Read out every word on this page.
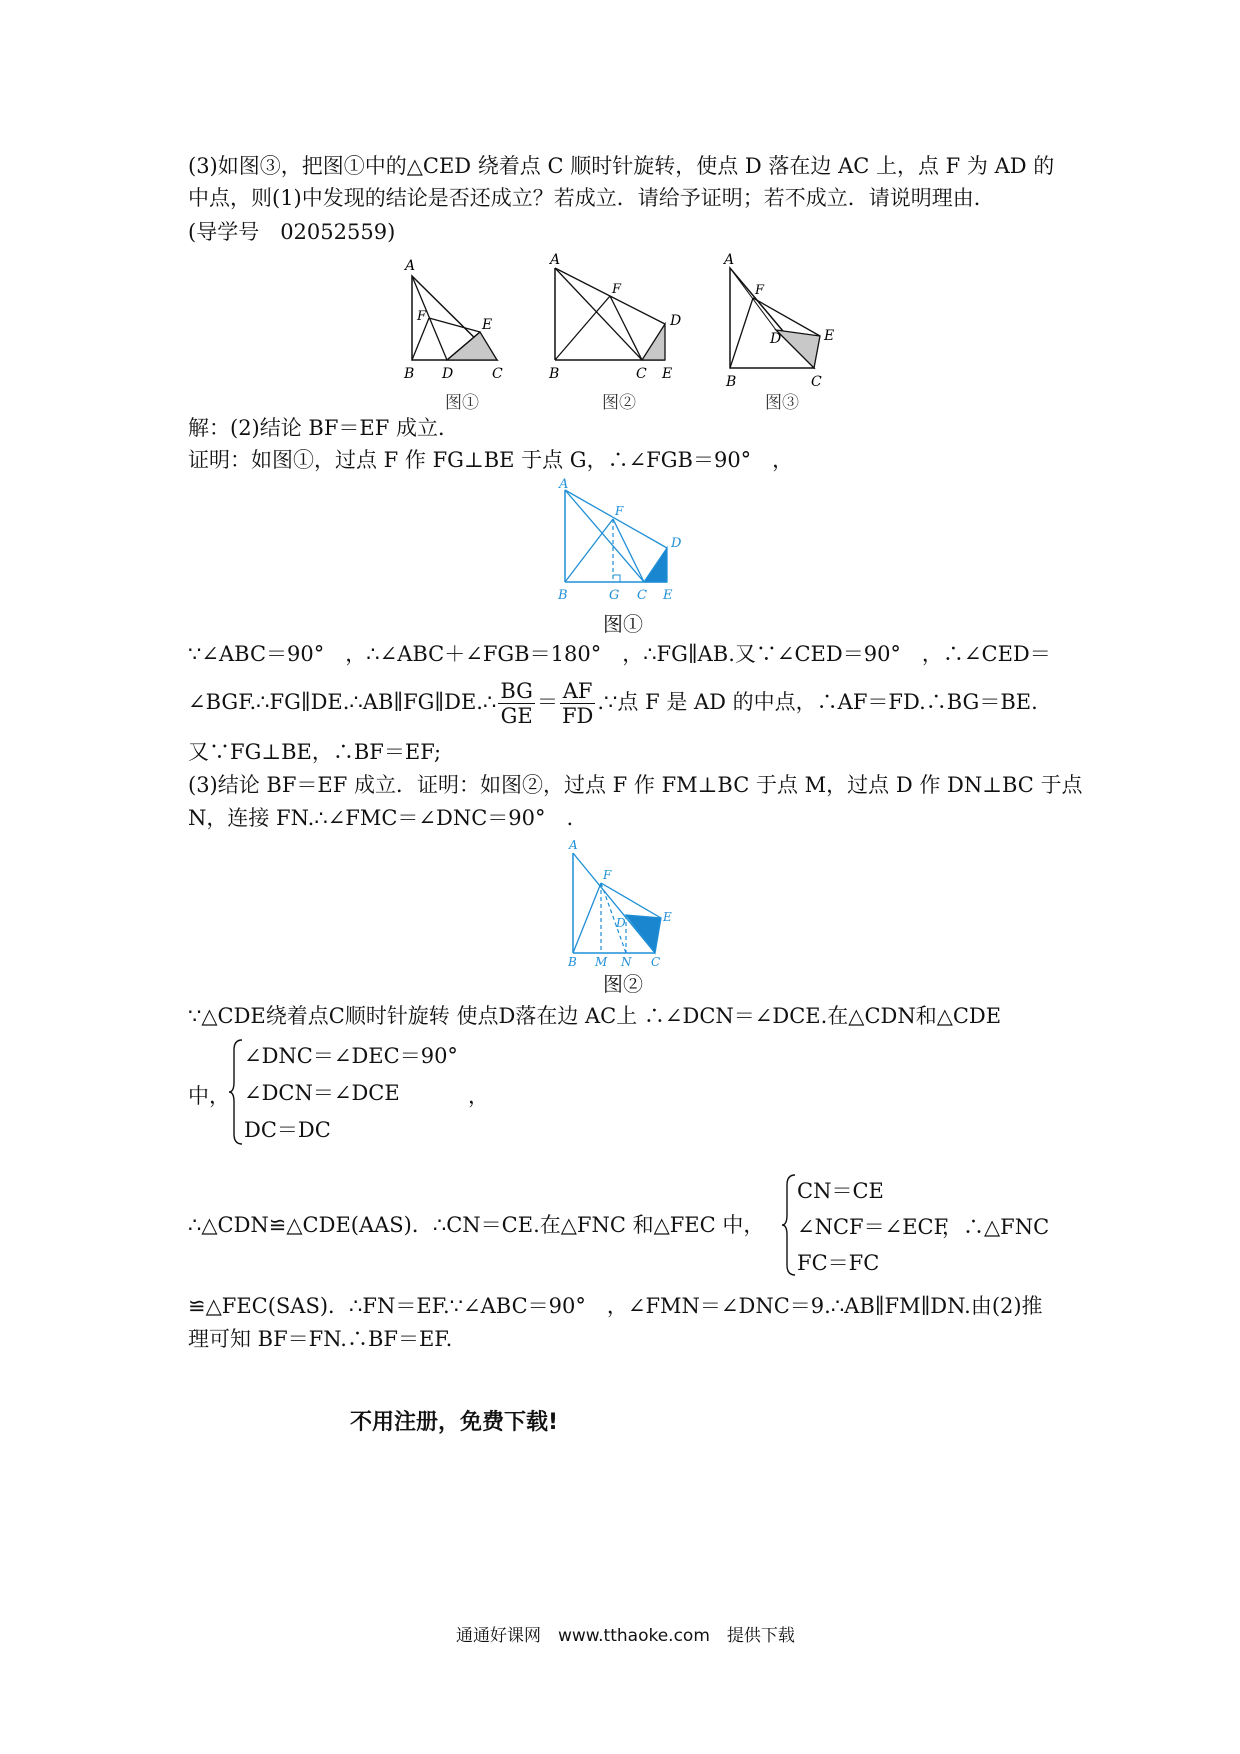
(3)如图③，把图①中的△CED 绕着点 C 顺时针旋转，使点 D 落在边 AC 上，点 F 为 AD 的
中点，则(1)中发现的结论是否还成立？若成立．请给予证明；若不成立．请说明理由．
(导学号　02052559)
A
F
E
B D	C
图①
A
F
D
B	C E
图②
A
F
D	E
B	C
图③
解：(2)结论 BF＝EF 成立．
证明：如图①，过点 F 作 FG⊥BE 于点 G，∴∠FGB＝90°　，
A
F
D
B	G C E
图①
∵∠ABC＝90°　，∴∠ABC＋∠FGB＝180°　，∴FG∥AB.又∵∠CED＝90°　，∴∠CED＝
∠BGF.∴FG∥DE.∴AB∥FG∥DE.∴ $\frac{BG}{GE} = \frac{AF}{FD}$ .∵点 F 是 AD 的中点，∴AF＝FD.∴BG＝BE.
又∵FG⊥BE，∴BF＝EF;
(3)结论 BF＝EF 成立．证明：如图②，过点 F 作 FM⊥BC 于点 M，过点 D 作 DN⊥BC 于点
N，连接 FN.∴∠FMC＝∠DNC＝90°　.
A
F
D	E
B M N C
图②
∵△CDE绕着点C顺时针旋转 使点D落在边 AC上 ∴∠DCN＝∠DCE.在△CDN和△CDE
中，
∠DNC＝∠DEC＝90°
∠DCN＝∠DCE
DC＝DC
，
∴△CDN≌△CDE(AAS)．∴CN＝CE.在△FNC 和△FEC 中，
CN＝CE
∠NCF＝∠ECF
FC＝FC
，∴△FNC
≌△FEC(SAS)．∴FN＝EF.∵∠ABC＝90°　，∠FMN＝∠DNC＝9.∴AB∥FM∥DN.由(2)推
理可知 BF＝FN.∴BF＝EF.
不用注册，免费下载!
通通好课网　www.tthaoke.com　提供下载
